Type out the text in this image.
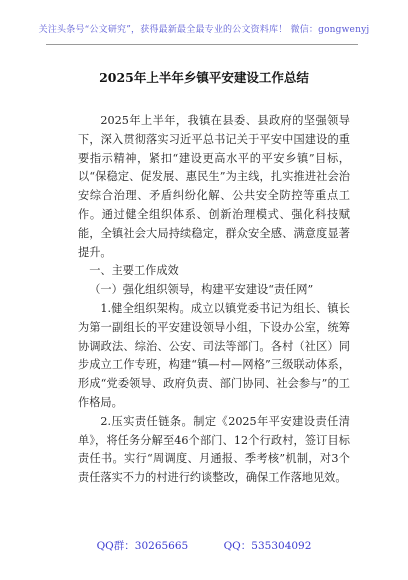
关注头条号“公文研究”，获得最新最全最专业的公文资料库！ 微信：gongwenyj
2025年上半年乡镇平安建设工作总结

2025年上半年，我镇在县委、县政府的坚强领导下，深入贯彻落实习近平总书记关于平安中国建设的重要指示精神，紧扣“建设更高水平的平安乡镇”目标，以“保稳定、促发展、惠民生”为主线，扎实推进社会治安综合治理、矛盾纠纷化解、公共安全防控等重点工作。通过健全组织体系、创新治理模式、强化科技赋能，全镇社会大局持续稳定，群众安全感、满意度显著提升。

一、主要工作成效

（一）强化组织领导，构建平安建设“责任网”

1.健全组织架构。成立以镇党委书记为组长、镇长为第一副组长的平安建设领导小组，下设办公室，统筹协调政法、综治、公安、司法等部门。各村（社区）同步成立工作专班，构建“镇—村—网格”三级联动体系，形成“党委领导、政府负责、部门协同、社会参与”的工作格局。

2.压实责任链条。制定《2025年平安建设责任清单》，将任务分解至46个部门、12个行政村，签订目标责任书。实行“周调度、月通报、季考核”机制，对3个责任落实不力的村进行约谈整改，确保工作落地见效。

QQ群：30265665	QQ：535304092
